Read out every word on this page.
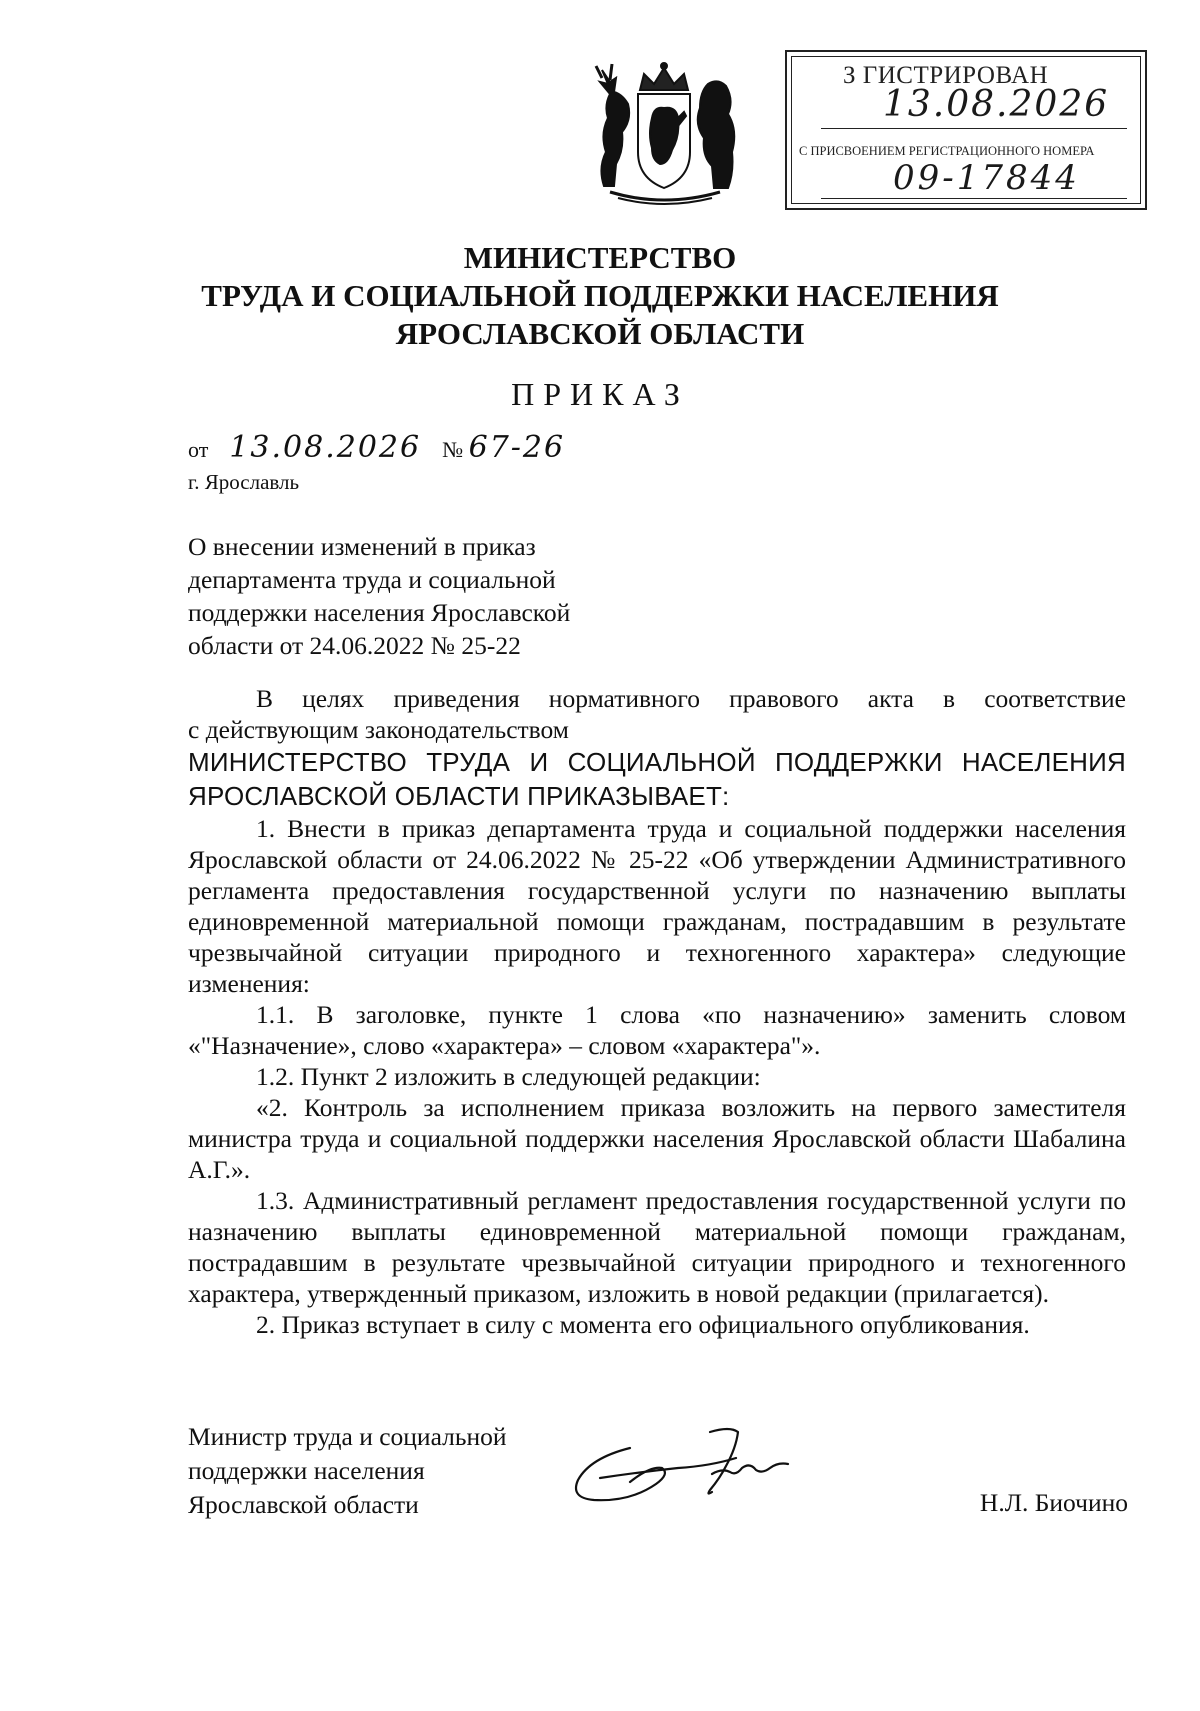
З ГИСТРИРОВАН
13.08.2026
С ПРИСВОЕНИЕМ РЕГИСТРАЦИОННОГО НОМЕРА
09-17844
МИНИСТЕРСТВО
ТРУДА И СОЦИАЛЬНОЙ ПОДДЕРЖКИ НАСЕЛЕНИЯ
ЯРОСЛАВСКОЙ ОБЛАСТИ
ПРИКАЗ
от 13.08.2026 № 67-26
г. Ярославль
О внесении изменений в приказ
департамента труда и социальной
поддержки населения Ярославской
области от 24.06.2022 № 25-22
В целях приведения нормативного правового акта в соответствие
с действующим законодательством
МИНИСТЕРСТВО ТРУДА И СОЦИАЛЬНОЙ ПОДДЕРЖКИ НАСЕЛЕНИЯ
ЯРОСЛАВСКОЙ ОБЛАСТИ ПРИКАЗЫВАЕТ:
1. Внести в приказ департамента труда и социальной поддержки населения Ярославской области от 24.06.2022 № 25-22 «Об утверждении Административного регламента предоставления государственной услуги по назначению выплаты единовременной материальной помощи гражданам, пострадавшим в результате чрезвычайной ситуации природного и техногенного характера» следующие изменения:
1.1. В заголовке, пункте 1 слова «по назначению» заменить словом «"Назначение», слово «характера» – словом «характера"».
1.2. Пункт 2 изложить в следующей редакции:
«2. Контроль за исполнением приказа возложить на первого заместителя министра труда и социальной поддержки населения Ярославской области Шабалина А.Г.».
1.3. Административный регламент предоставления государственной услуги по назначению выплаты единовременной материальной помощи гражданам, пострадавшим в результате чрезвычайной ситуации природного и техногенного характера, утвержденный приказом, изложить в новой редакции (прилагается).
2. Приказ вступает в силу с момента его официального опубликования.
Министр труда и социальной
поддержки населения
Ярославской области	Н.Л. Биочино
